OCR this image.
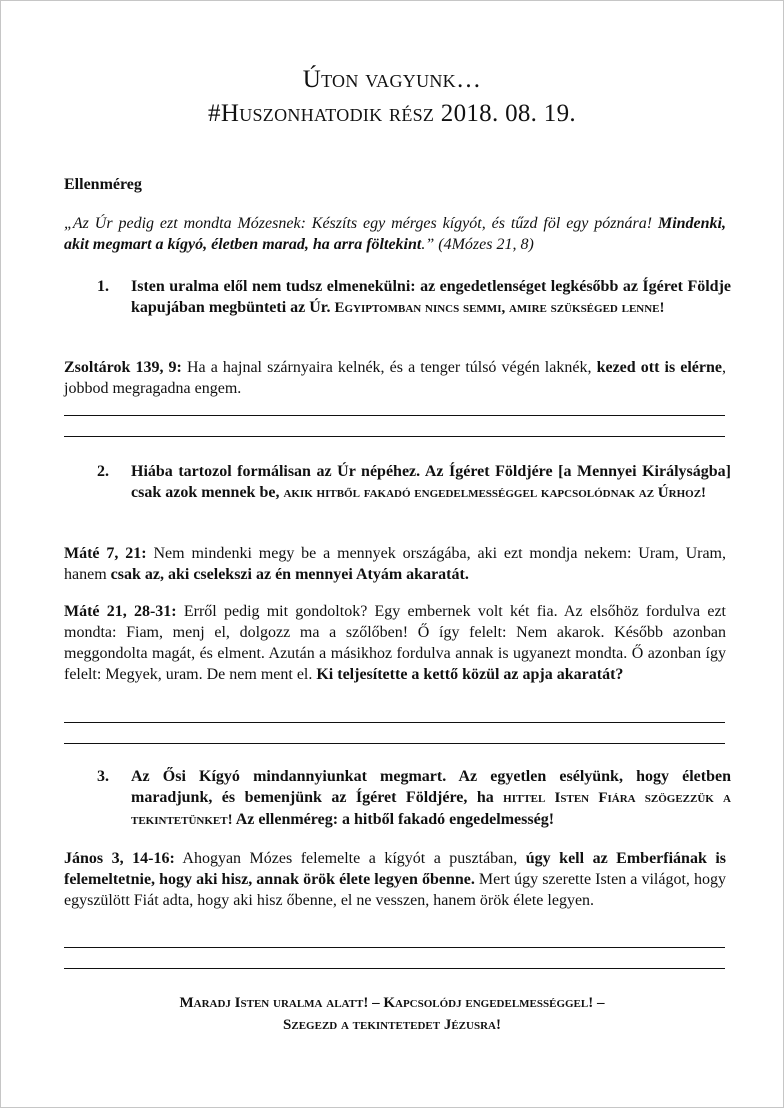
Úton vagyunk…
#Huszonhatodik rész 2018. 08. 19.
Ellenméreg
„Az Úr pedig ezt mondta Mózesnek: Készíts egy mérges kígyót, és tűzd föl egy póznára! Mindenki, akit megmart a kígyó, életben marad, ha arra föltekint.” (4Mózes 21, 8)
1. Isten uralma elől nem tudsz elmenekülni: az engedetlenséget legkésőbb az Ígéret Földje kapujában megbünteti az Úr. Egyiptomban nincs semmi, amire szükséged lenne!
Zsoltárok 139, 9: Ha a hajnal szárnyaira kelnék, és a tenger túlsó végén laknék, kezed ott is elérne, jobbod megragadna engem.
2. Hiába tartozol formálisan az Úr népéhez. Az Ígéret Földjére [a Mennyei Királyságba] csak azok mennek be, akik hitből fakadó engedelmességgel kapcsolódnak az Úrhoz!
Máté 7, 21: Nem mindenki megy be a mennyek országába, aki ezt mondja nekem: Uram, Uram, hanem csak az, aki cselekszi az én mennyei Atyám akaratát.
Máté 21, 28-31: Erről pedig mit gondoltok? Egy embernek volt két fia. Az elsőhöz fordulva ezt mondta: Fiam, menj el, dolgozz ma a szőlőben! Ő így felelt: Nem akarok. Később azonban meggondolta magát, és elment. Azután a másikhoz fordulva annak is ugyanezt mondta. Ő azonban így felelt: Megyek, uram. De nem ment el. Ki teljesítette a kettő közül az apja akaratát?
3. Az Ősi Kígyó mindannyiunkat megmart. Az egyetlen esélyünk, hogy életben maradjunk, és bemenjünk az Ígéret Földjére, ha hittel Isten Fiára szögezzük a tekintetünket! Az ellenméreg: a hitből fakadó engedelmesség!
János 3, 14-16: Ahogyan Mózes felemelte a kígyót a pusztában, úgy kell az Emberfiának is felemeltetnie, hogy aki hisz, annak örök élete legyen őbenne. Mert úgy szerette Isten a világot, hogy egyszülött Fiát adta, hogy aki hisz őbenne, el ne vesszen, hanem örök élete legyen.
Maradj Isten uralma alatt! – Kapcsolódj engedelmességgel! –
Szegezd a tekintetedet Jézusra!
